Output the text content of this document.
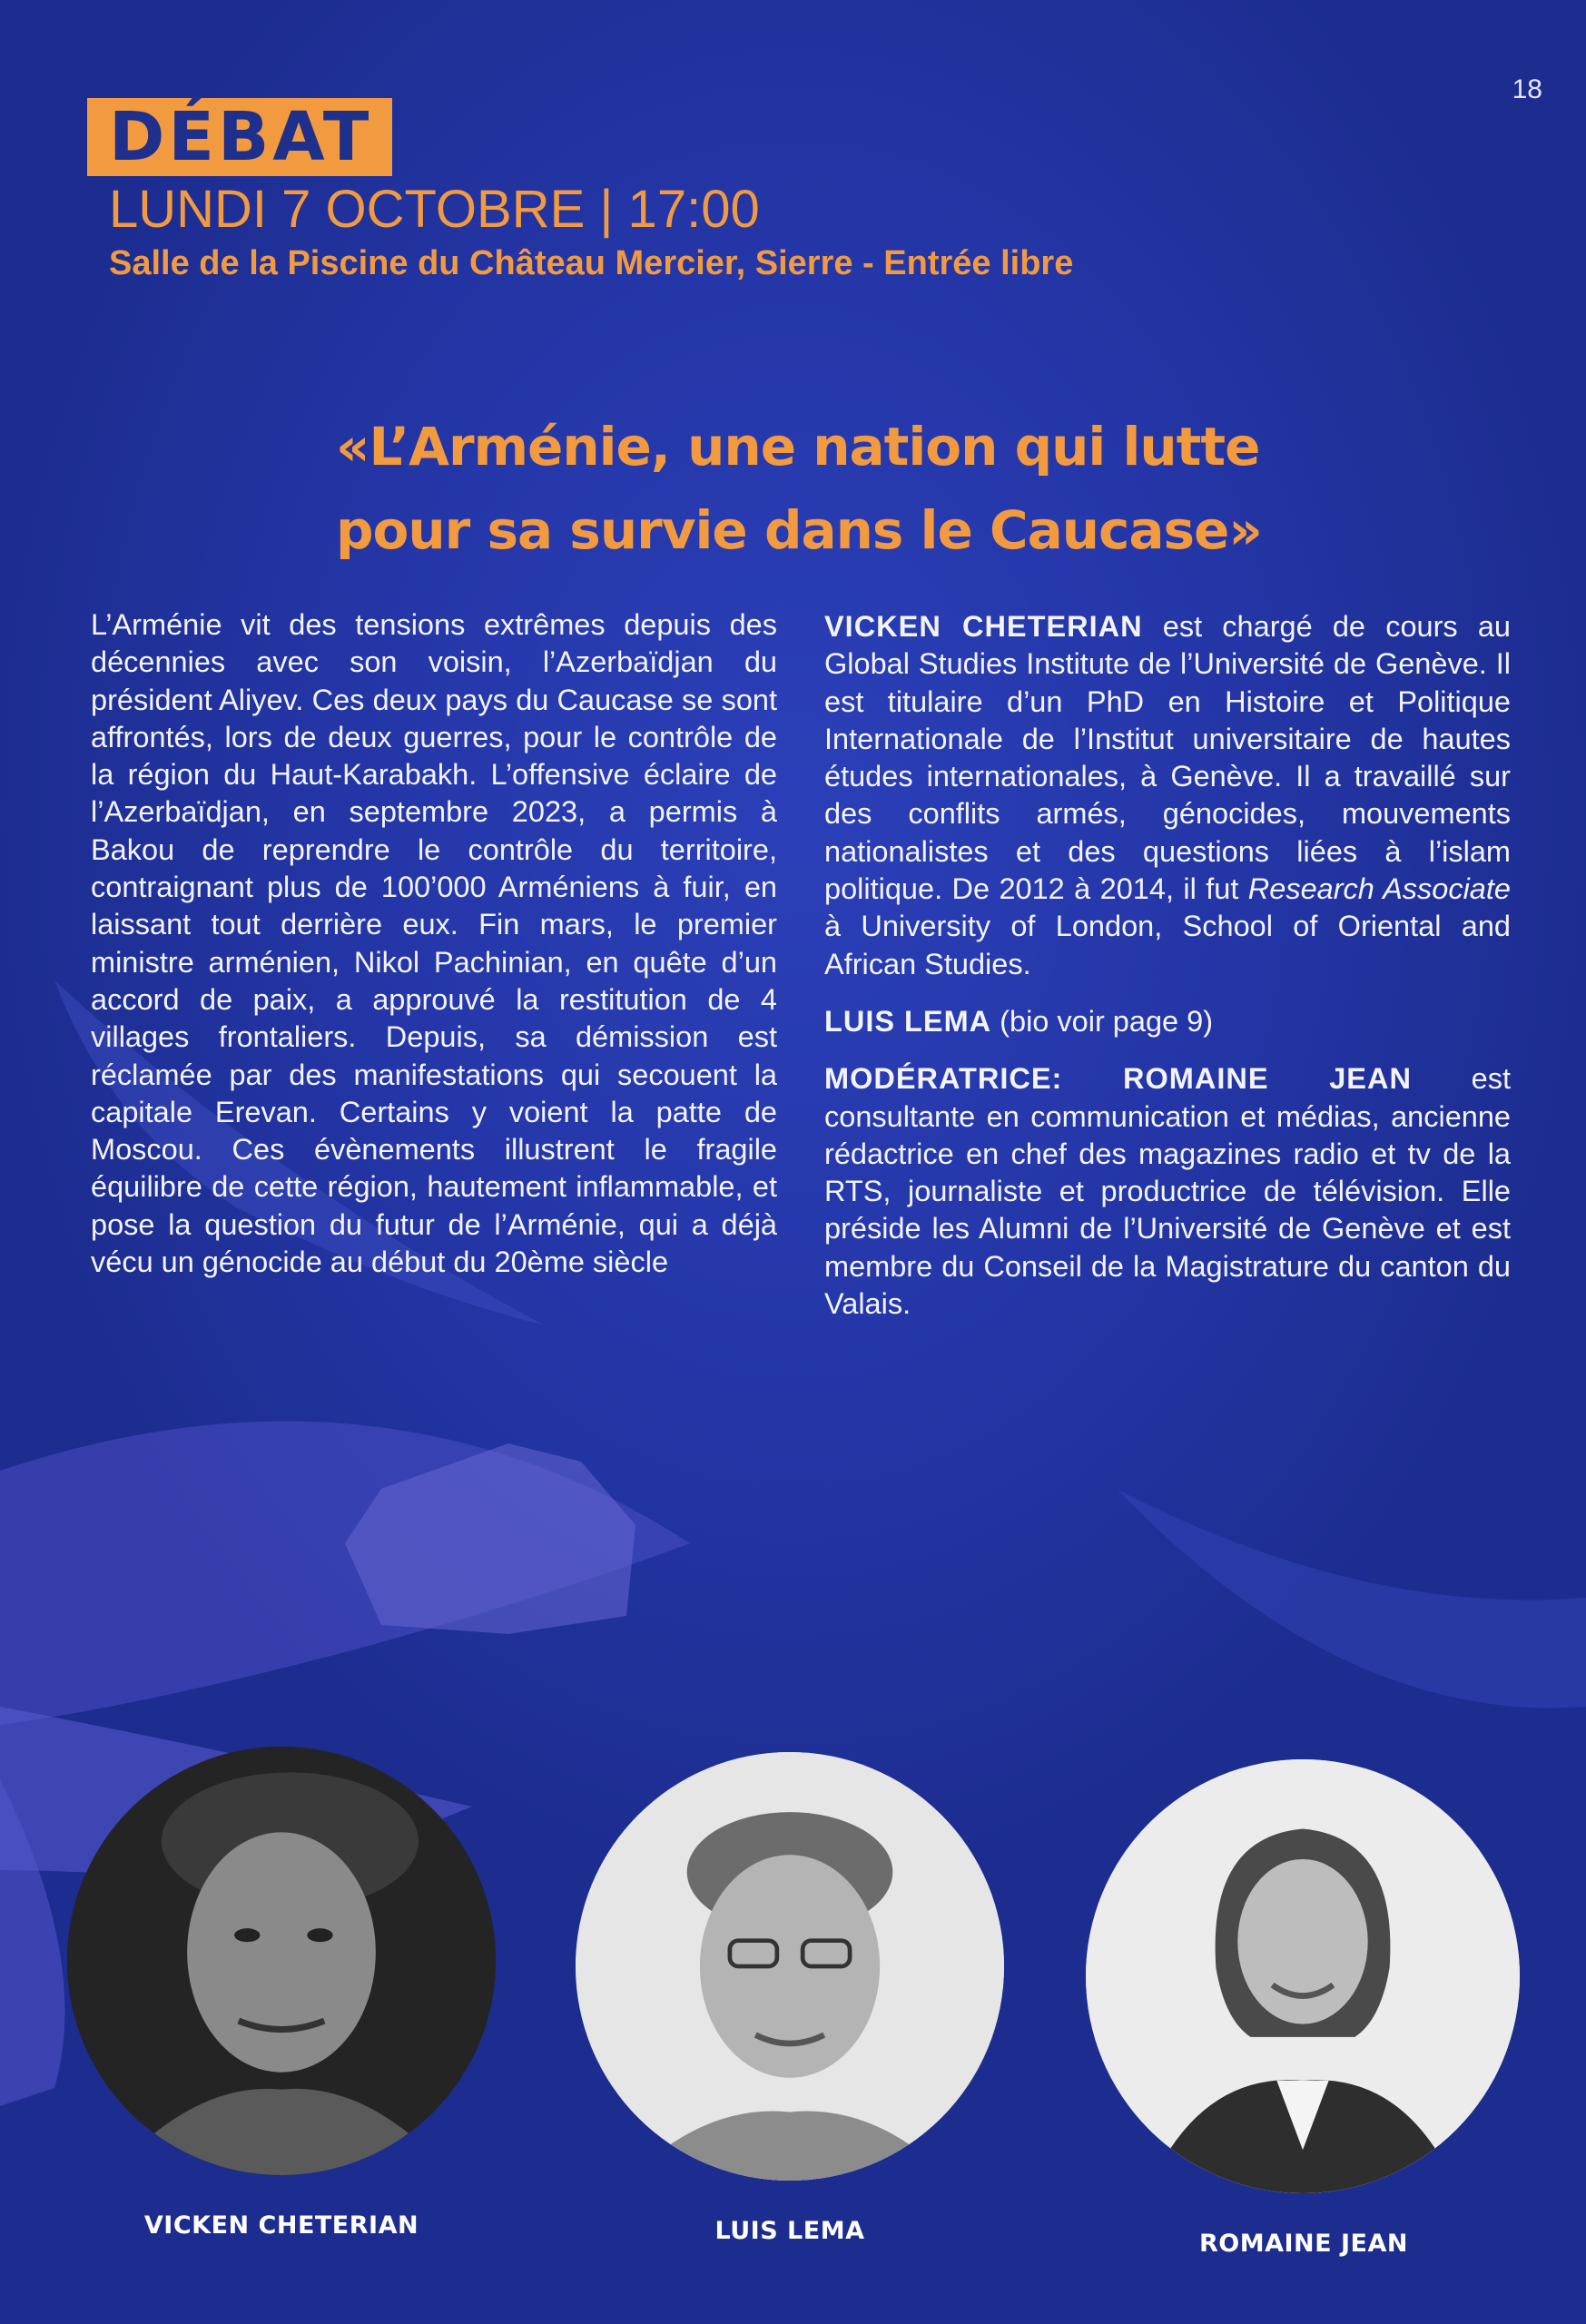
18
DÉBAT
LUNDI 7 OCTOBRE | 17:00
Salle de la Piscine du Château Mercier, Sierre - Entrée libre
«L’Arménie, une nation qui lutte
pour sa survie dans le Caucase»
L’Arménie vit des tensions extrêmes depuis des décennies avec son voisin, l’Azerbaïdjan du président Aliyev. Ces deux pays du Caucase se sont affrontés, lors de deux guerres, pour le contrôle de la région du Haut-Karabakh. L’offensive éclaire de l’Azerbaïdjan, en septembre 2023, a permis à Bakou de reprendre le contrôle du territoire, contraignant plus de 100’000 Arméniens à fuir, en laissant tout derrière eux. Fin mars, le premier ministre arménien, Nikol Pachinian, en quête d’un accord de paix, a approuvé la restitution de 4 villages frontaliers. Depuis, sa démission est réclamée par des manifestations qui secouent la capitale Erevan. Certains y voient la patte de Moscou. Ces évènements illustrent le fragile équilibre de cette région, hautement inflammable, et pose la question du futur de l’Arménie, qui a déjà vécu un génocide au début du 20ème siècle

VICKEN CHETERIAN est chargé de cours au Global Studies Institute de l’Université de Genève. Il est titulaire d’un PhD en Histoire et Politique Internationale de l’Institut universitaire de hautes études internationales, à Genève. Il a travaillé sur des conflits armés, génocides, mouvements nationalistes et des questions liées à l’islam politique. De 2012 à 2014, il fut Research Associate à University of London, School of Oriental and African Studies.

LUIS LEMA (bio voir page 9)

MODÉRATRICE: ROMAINE JEAN est consultante en communication et médias, ancienne rédactrice en chef des magazines radio et tv de la RTS, journaliste et productrice de télévision. Elle préside les Alumni de l’Université de Genève et est membre du Conseil de la Magistrature du canton du Valais.

VICKEN CHETERIAN	LUIS LEMA	ROMAINE JEAN
